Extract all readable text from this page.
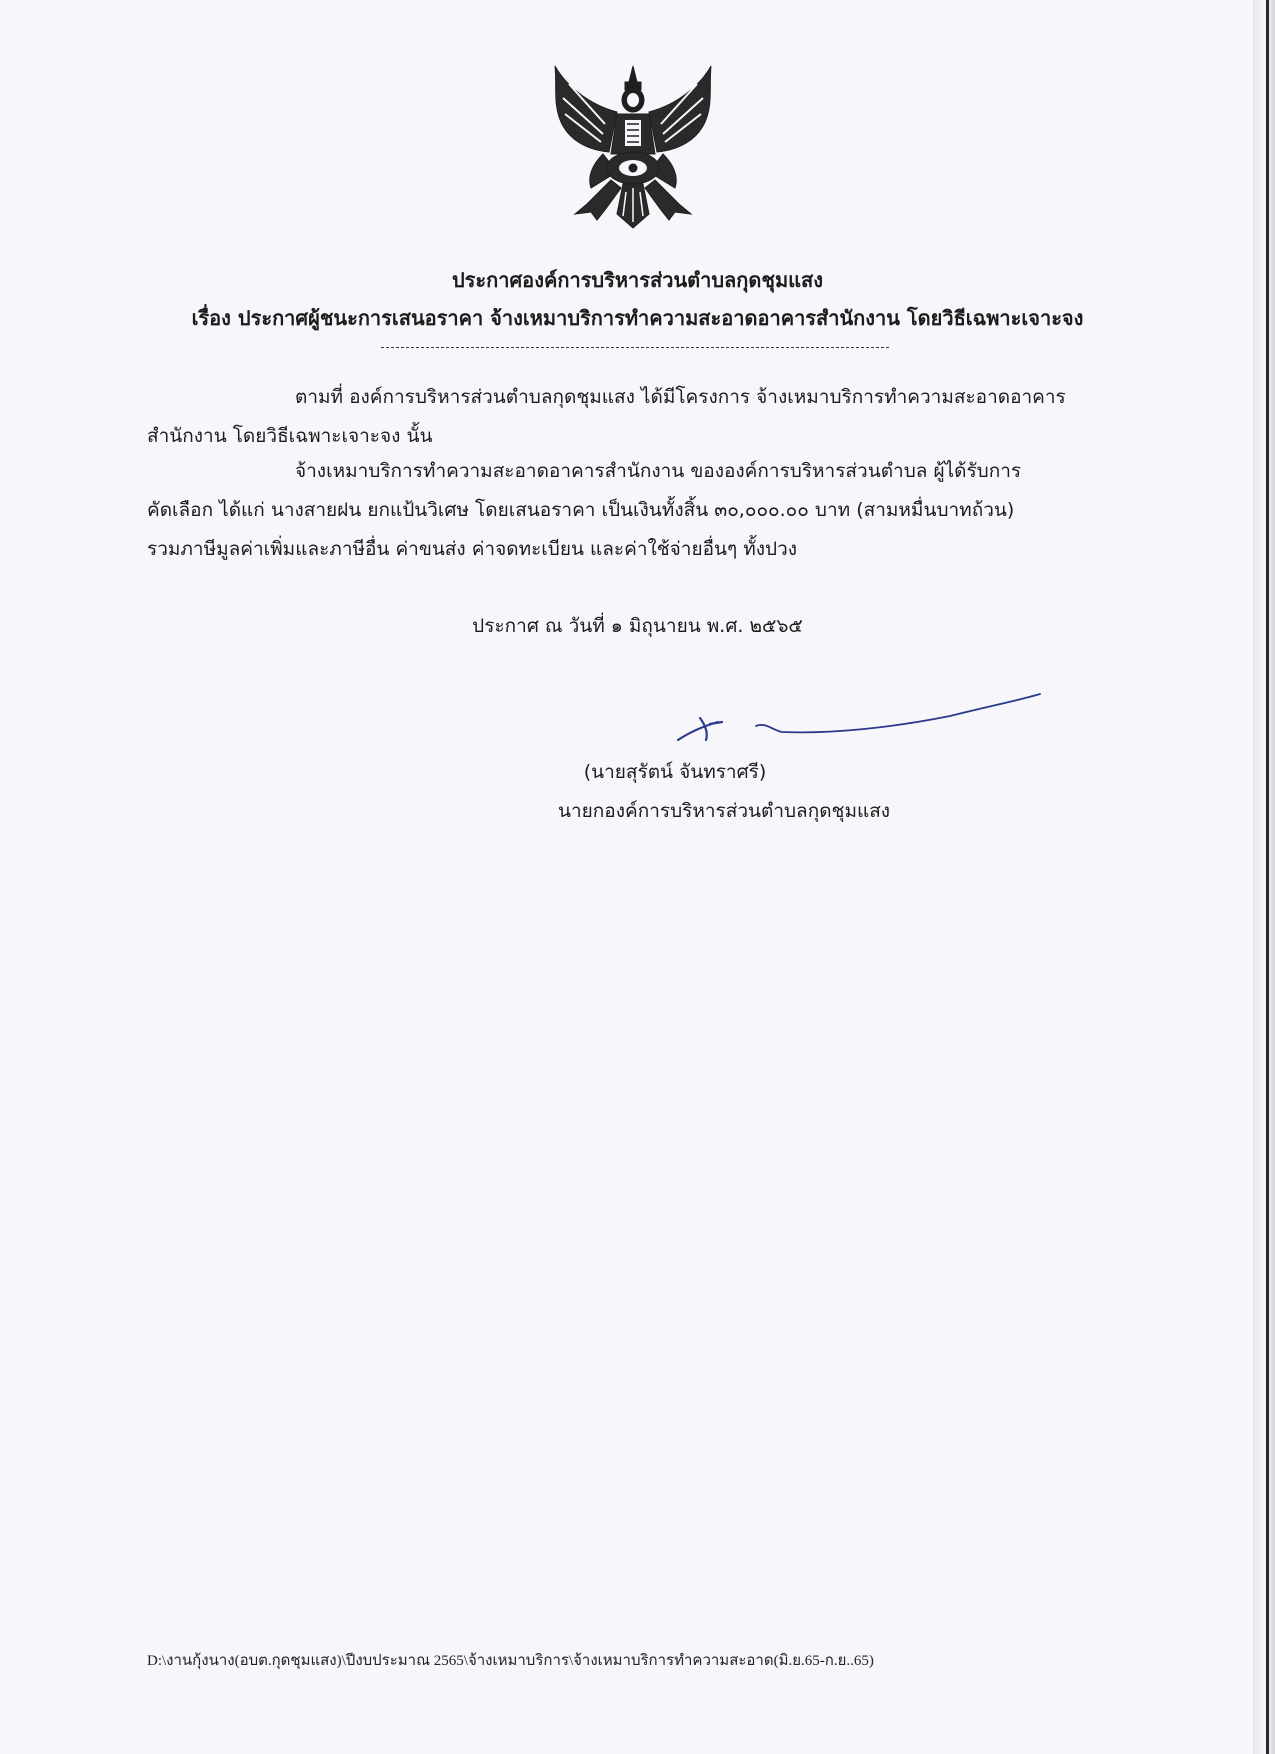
ประกาศองค์การบริหารส่วนตำบลกุดชุมแสง
เรื่อง ประกาศผู้ชนะการเสนอราคา จ้างเหมาบริการทำความสะอาดอาคารสำนักงาน โดยวิธีเฉพาะเจาะจง
ตามที่ องค์การบริหารส่วนตำบลกุดชุมแสง ได้มีโครงการ จ้างเหมาบริการทำความสะอาดอาคาร
สำนักงาน โดยวิธีเฉพาะเจาะจง นั้น
จ้างเหมาบริการทำความสะอาดอาคารสำนักงาน ขององค์การบริหารส่วนตำบล ผู้ได้รับการ
คัดเลือก ได้แก่ นางสายฝน ยกแป้นวิเศษ โดยเสนอราคา เป็นเงินทั้งสิ้น ๓๐,๐๐๐.๐๐ บาท (สามหมื่นบาทถ้วน)
รวมภาษีมูลค่าเพิ่มและภาษีอื่น ค่าขนส่ง ค่าจดทะเบียน และค่าใช้จ่ายอื่นๆ ทั้งปวง
ประกาศ ณ วันที่ ๑ มิถุนายน พ.ศ. ๒๕๖๕
(นายสุรัตน์ จันทราศรี)
นายกองค์การบริหารส่วนตำบลกุดชุมแสง
D:\งานกุ้งนาง(อบต.กุดชุมแสง)\ปีงบประมาณ 2565\จ้างเหมาบริการ\จ้างเหมาบริการทำความสะอาด(มิ.ย.65-ก.ย..65)
